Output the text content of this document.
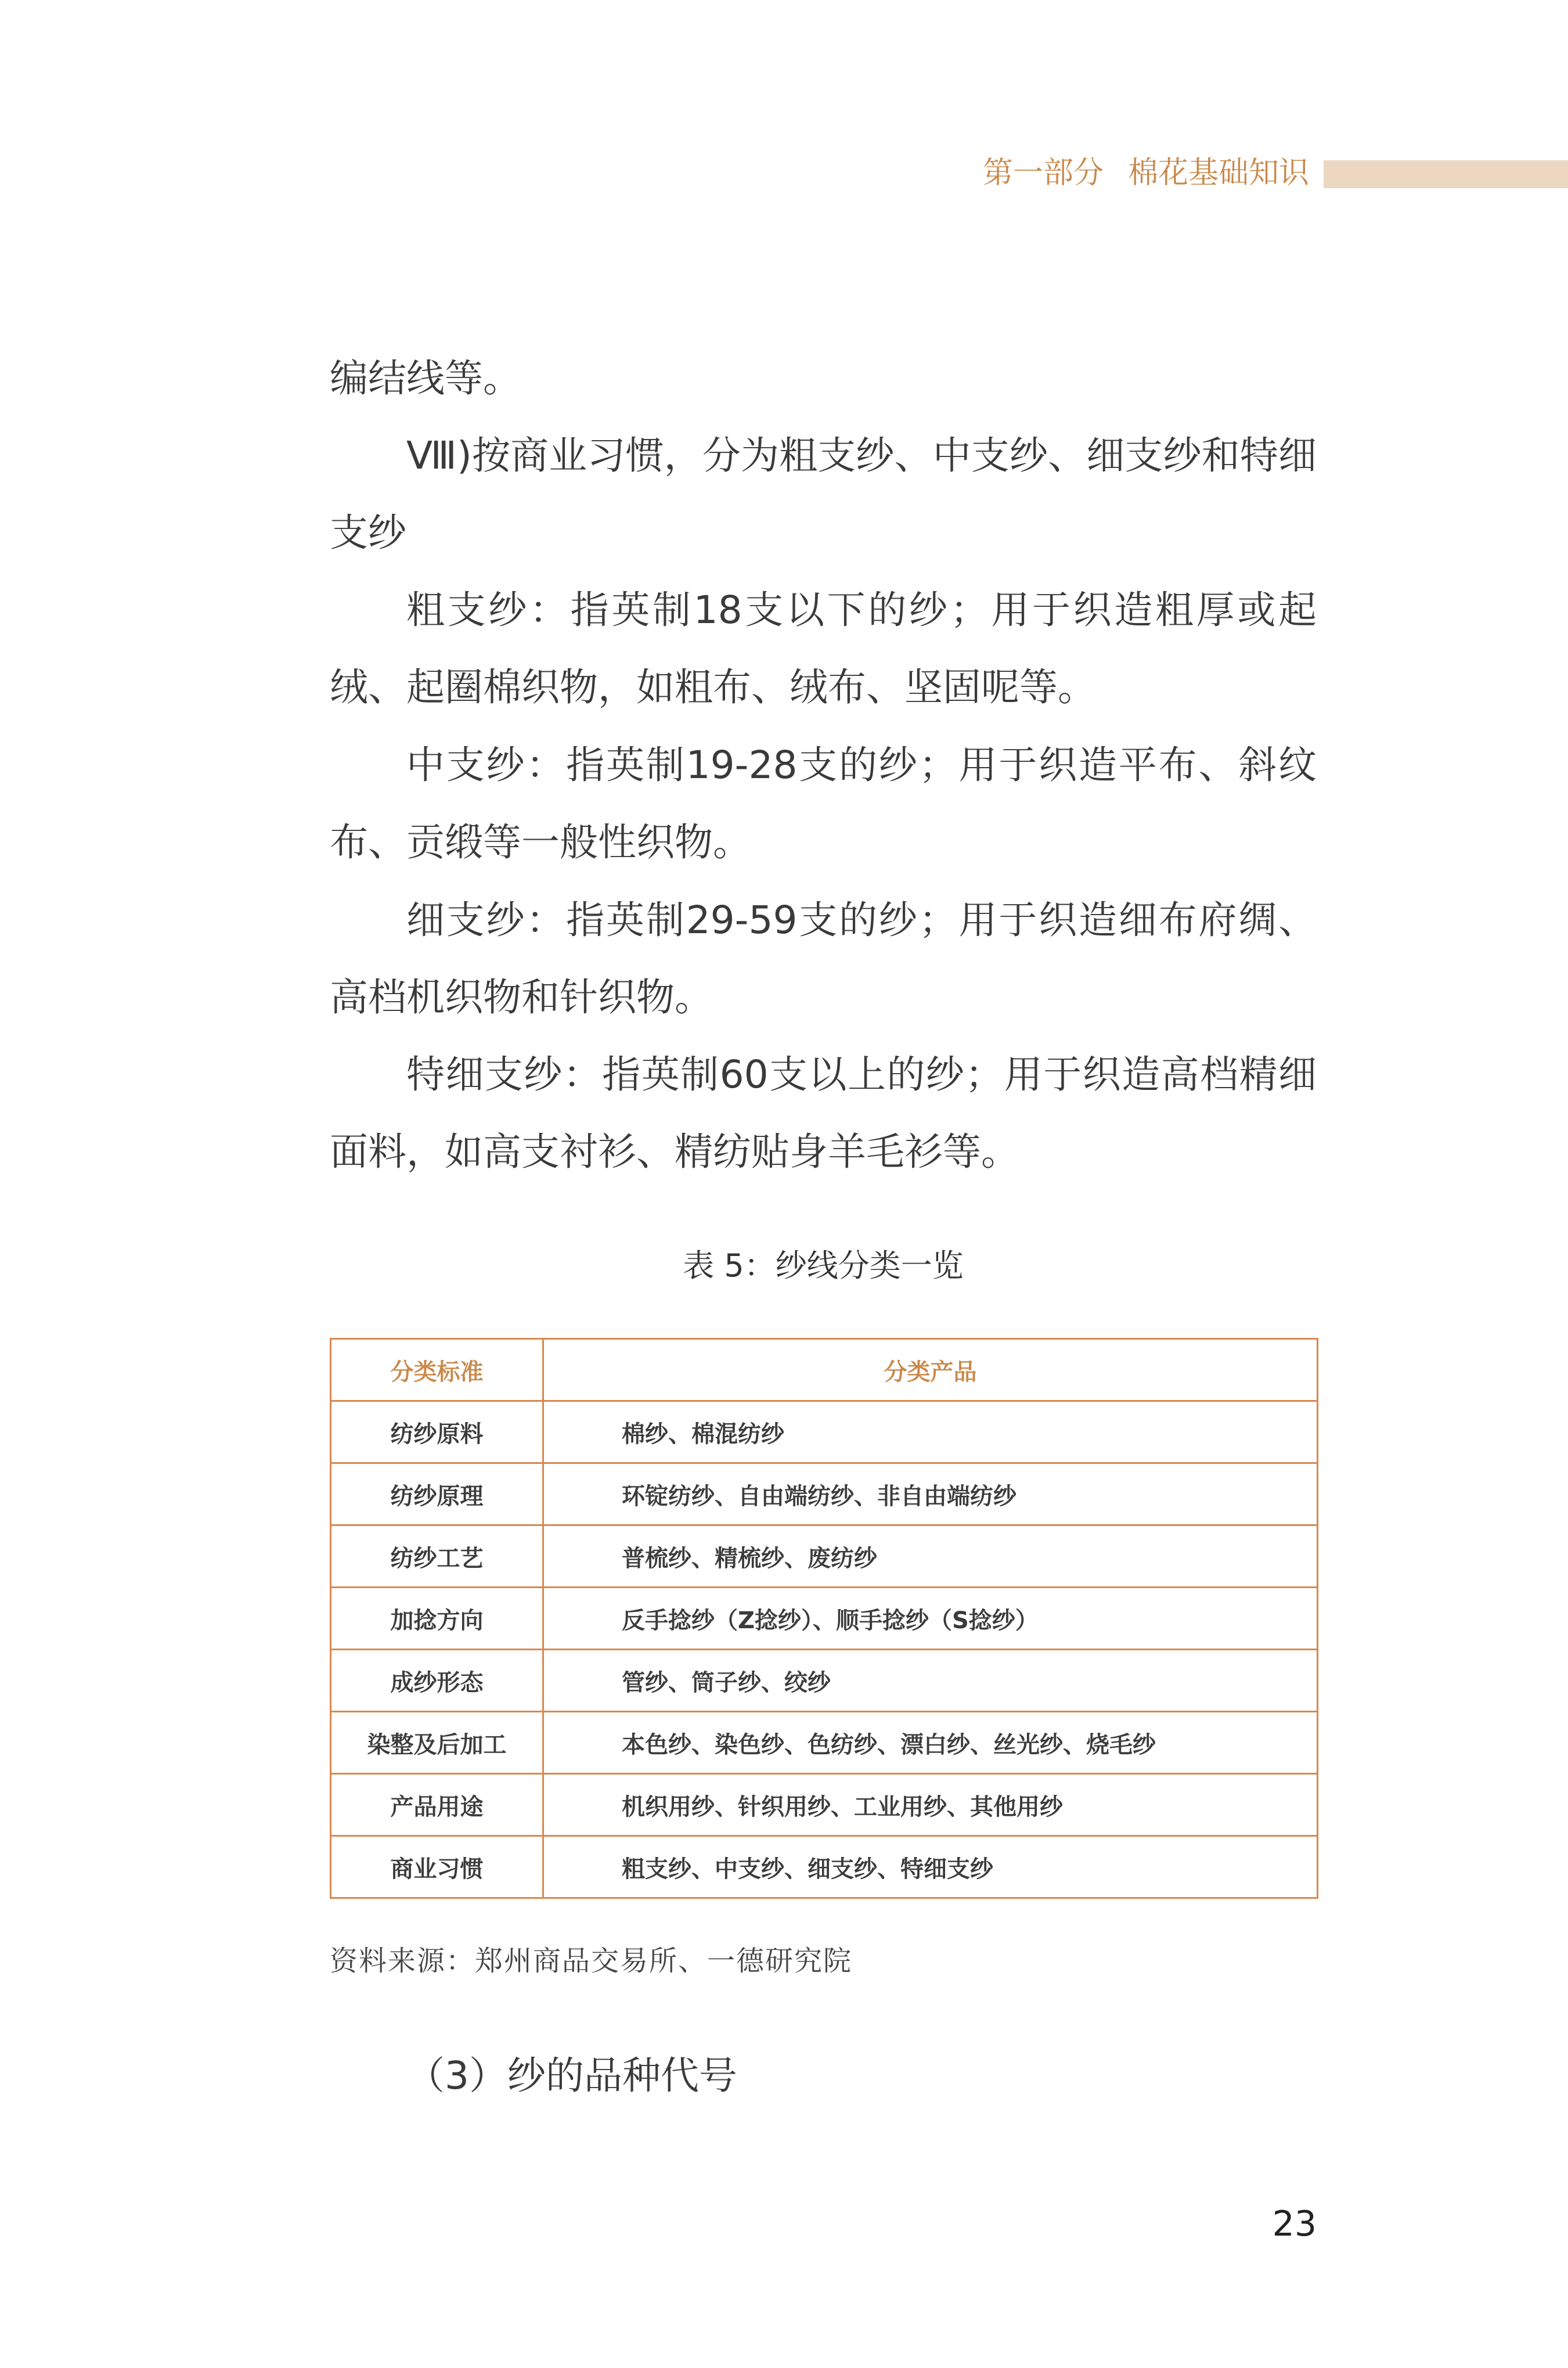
第一部分 棉花基础知识

编结线等。

Ⅷ)按商业习惯，分为粗支纱、中支纱、细支纱和特细支纱

粗支纱：指英制18支以下的纱；用于织造粗厚或起绒、起圈棉织物，如粗布、绒布、坚固呢等。

中支纱：指英制19-28支的纱；用于织造平布、斜纹布、贡缎等一般性织物。

细支纱：指英制29-59支的纱；用于织造细布府绸、高档机织物和针织物。

特细支纱：指英制60支以上的纱；用于织造高档精细面料，如高支衬衫、精纺贴身羊毛衫等。

表 5：纱线分类一览
分类标准	分类产品
纺纱原料	棉纱、棉混纺纱
纺纱原理	环锭纺纱、自由端纺纱、非自由端纺纱
纺纱工艺	普梳纱、精梳纱、废纺纱
加捻方向	反手捻纱（Z捻纱）、顺手捻纱（S捻纱）
成纱形态	管纱、筒子纱、绞纱
染整及后加工	本色纱、染色纱、色纺纱、漂白纱、丝光纱、烧毛纱
产品用途	机织用纱、针织用纱、工业用纱、其他用纱
商业习惯	粗支纱、中支纱、细支纱、特细支纱
资料来源：郑州商品交易所、一德研究院
（3）纱的品种代号
23
